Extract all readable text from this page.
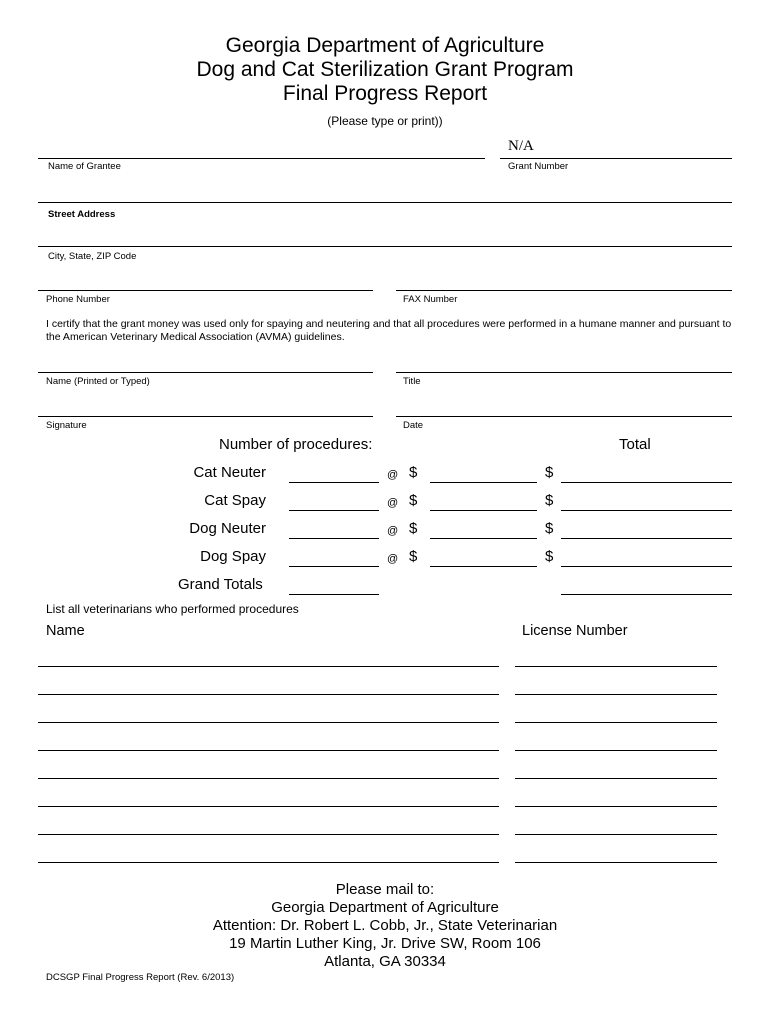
Georgia Department of Agriculture
Dog and Cat Sterilization Grant Program
Final Progress Report
(Please type or print))
Name of Grantee
N/A
Grant Number
Street Address
City, State, ZIP Code
Phone Number	FAX Number
I certify that the grant money was used only for spaying and neutering and that all procedures were performed in a humane manner and pursuant to the American Veterinary Medical Association (AVMA) guidelines.
Name (Printed or Typed)	Title
Signature	Date
Number of procedures:	Total
Cat Neuter	@ $	$
Cat Spay	@ $	$
Dog Neuter	@ $	$
Dog Spay	@ $	$
Grand Totals
List all veterinarians who performed procedures
Name	License Number
Please mail to:
Georgia Department of Agriculture
Attention: Dr. Robert L. Cobb, Jr., State Veterinarian
19 Martin Luther King, Jr. Drive SW, Room 106
Atlanta, GA 30334
DCSGP Final Progress Report (Rev. 6/2013)
